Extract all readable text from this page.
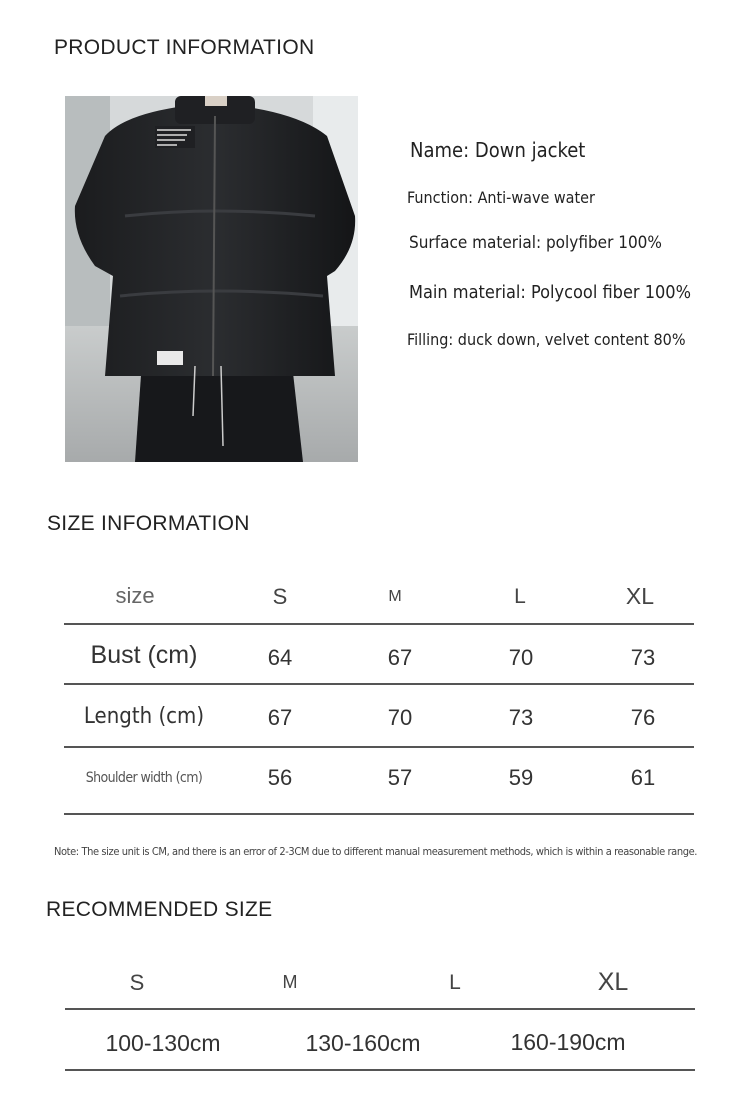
PRODUCT INFORMATION
Name: Down jacket
Function: Anti-wave water
Surface material: polyfiber 100%
Main material: Polycool fiber 100%
Filling: duck down, velvet content 80%
SIZE INFORMATION
size	S	M	L	XL
Bust (cm)	64	67	70	73
Length (cm)	67	70	73	76
Shoulder width (cm)	56	57	59	61
Note: The size unit is CM, and there is an error of 2-3CM due to different manual measurement methods, which is within a reasonable range.
RECOMMENDED SIZE
S	M	L	XL
100-130cm	130-160cm	160-190cm
